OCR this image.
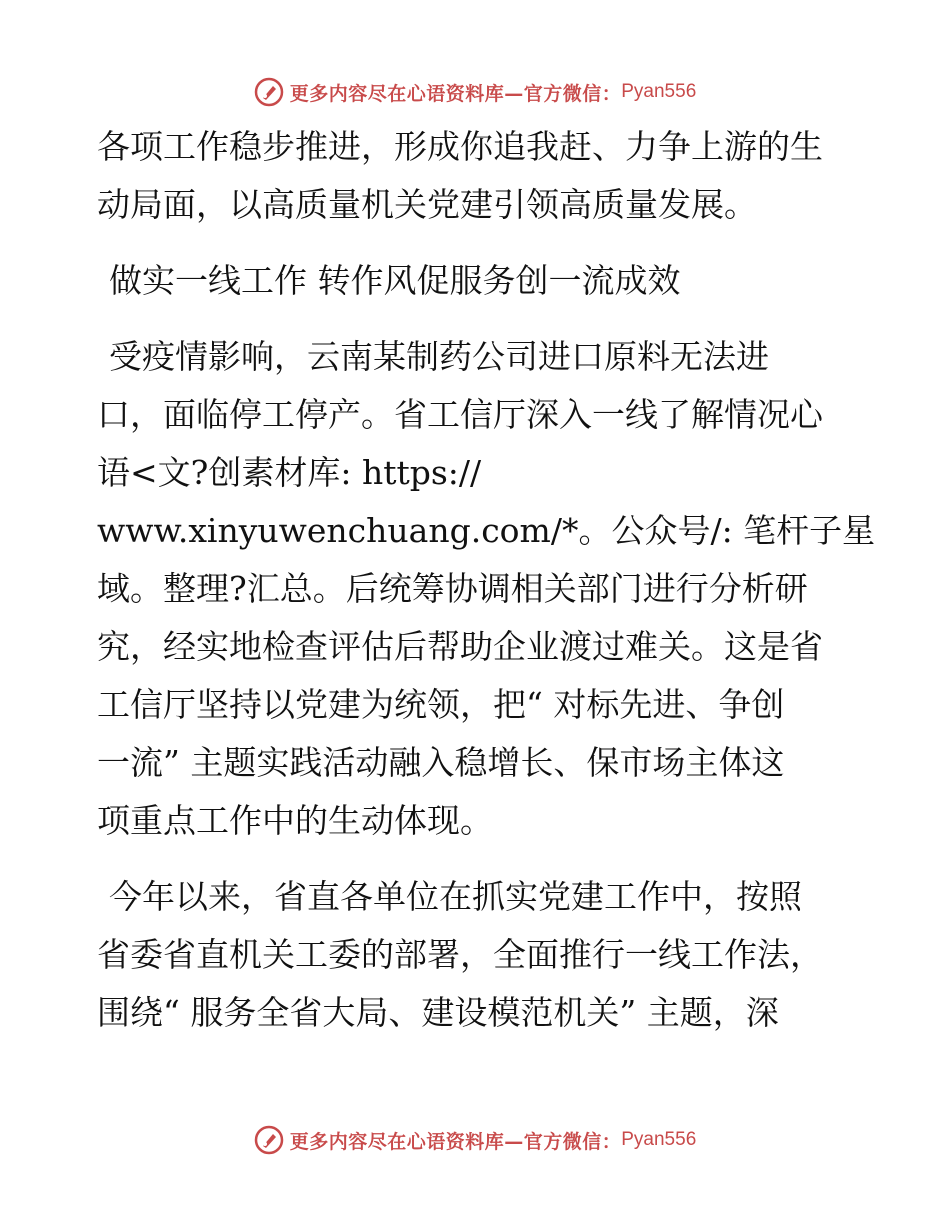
更多内容尽在心语资料库—官方微信： Pyan556

各项工作稳步推进，形成你追我赶、力争上游的生

动局面，以高质量机关党建引领高质量发展。

做实一线工作 转作风促服务创一流成效

受疫情影响，云南某制药公司进口原料无法进

口，面临停工停产。省工信厅深入一线了解情况心

语<文?创素材库: https://

www.xinyuwenchuang.com/*。公众号/: 笔杆子星

域。整理?汇总。后统筹协调相关部门进行分析研

究，经实地检查评估后帮助企业渡过难关。这是省

工信厅坚持以党建为统领，把“ 对标先进、争创

一流” 主题实践活动融入稳增长、保市场主体这

项重点工作中的生动体现。

今年以来，省直各单位在抓实党建工作中，按照

省委省直机关工委的部署，全面推行一线工作法，

围绕“ 服务全省大局、建设模范机关” 主题，深

更多内容尽在心语资料库—官方微信： Pyan556
